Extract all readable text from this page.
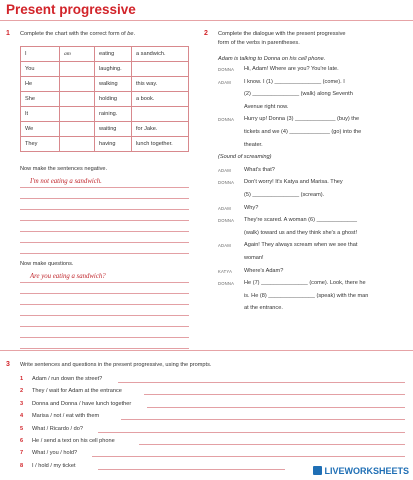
Present progressive
1 Complete the chart with the correct form of be.
I	am	eating	a sandwich.
You		laughing.	
He		walking	this way.
She		holding	a book.
It		raining.	
We		waiting	for Jake.
They		having	lunch together.
Now make the sentences negative.
I'm not eating a sandwich.
Now make questions.
Are you eating a sandwich?
2 Complete the dialogue with the present progressive
form of the verbs in parentheses.
Adam is talking to Donna on his cell phone.
DONNA Hi, Adam! Where are you? You're late.
ADAM I know. I (1) _______________ (come). I
(2) _______________ (walk) along Seventh
Avenue right now.
DONNA Hurry up! Donna (3) _____________ (buy) the
tickets and we (4) _____________ (go) into the
theater.
(Sound of screaming)
ADAM What's that?
DONNA Don't worry! It's Katya and Marisa. They
(5) _______________ (scream).
ADAM Why?
DONNA They're scared. A woman (6) _____________
(walk) toward us and they think she's a ghost!
ADAM Again! They always scream when we see that
woman!
KATYA Where's Adam?
DONNA He (7) _______________ (come). Look, there he
is. He (8) _______________ (speak) with the man
at the entrance.
3 Write sentences and questions in the present progressive, using the prompts.
1 Adam / run down the street?
2 They / wait for Adam at the entrance
3 Donna and Donna / have lunch together
4 Marisa / not / eat with them
5 What / Ricardo / do?
6 He / send a text on his cell phone
7 What / you / hold?
8 I / hold / my ticket
LIVEWORKSHEETS
